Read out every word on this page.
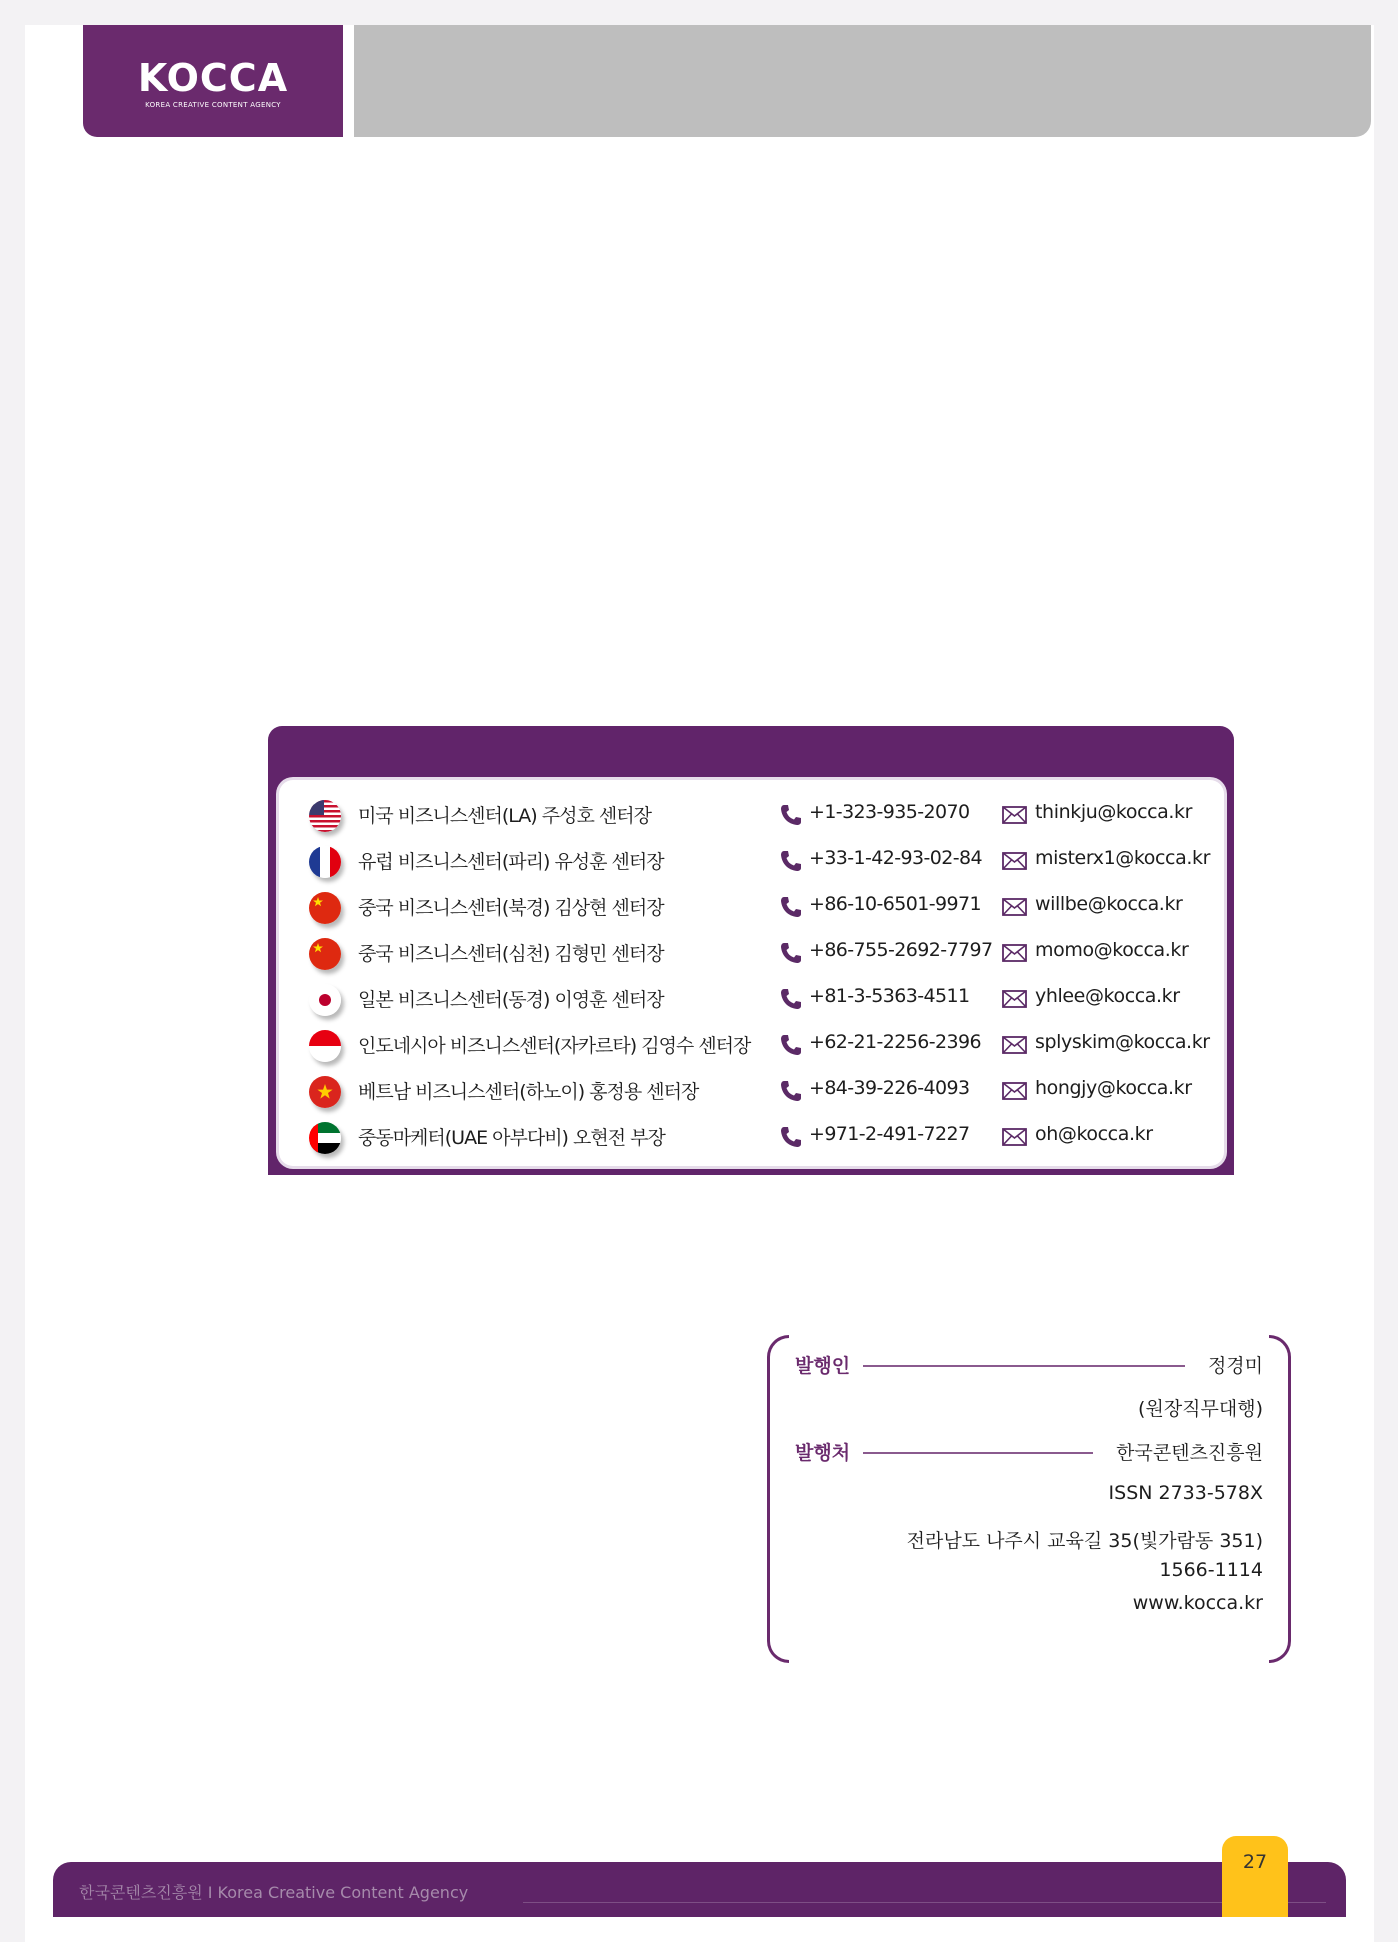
KOCCA
KOREA CREATIVE CONTENT AGENCY
미국 비즈니스센터(LA) 주성호 센터장	+1-323-935-2070	thinkju@kocca.kr
유럽 비즈니스센터(파리) 유성훈 센터장	+33-1-42-93-02-84	misterx1@kocca.kr
중국 비즈니스센터(북경) 김상현 센터장	+86-10-6501-9971	willbe@kocca.kr
중국 비즈니스센터(심천) 김형민 센터장	+86-755-2692-7797 momo@kocca.kr
일본 비즈니스센터(동경) 이영훈 센터장	+81-3-5363-4511	yhlee@kocca.kr
인도네시아 비즈니스센터(자카르타) 김영수 센터장	+62-21-2256-2396	splyskim@kocca.kr
베트남 비즈니스센터(하노이) 홍정용 센터장	+84-39-226-4093	hongjy@kocca.kr
중동마케터(UAE 아부다비) 오현전 부장	+971-2-491-7227	oh@kocca.kr
발행인	정경미
(원장직무대행)
발행처	한국콘텐츠진흥원
ISSN 2733-578X
전라남도 나주시 교육길 35(빛가람동 351)
1566-1114
www.kocca.kr
한국콘텐츠진흥원 I Korea Creative Content Agency
27
